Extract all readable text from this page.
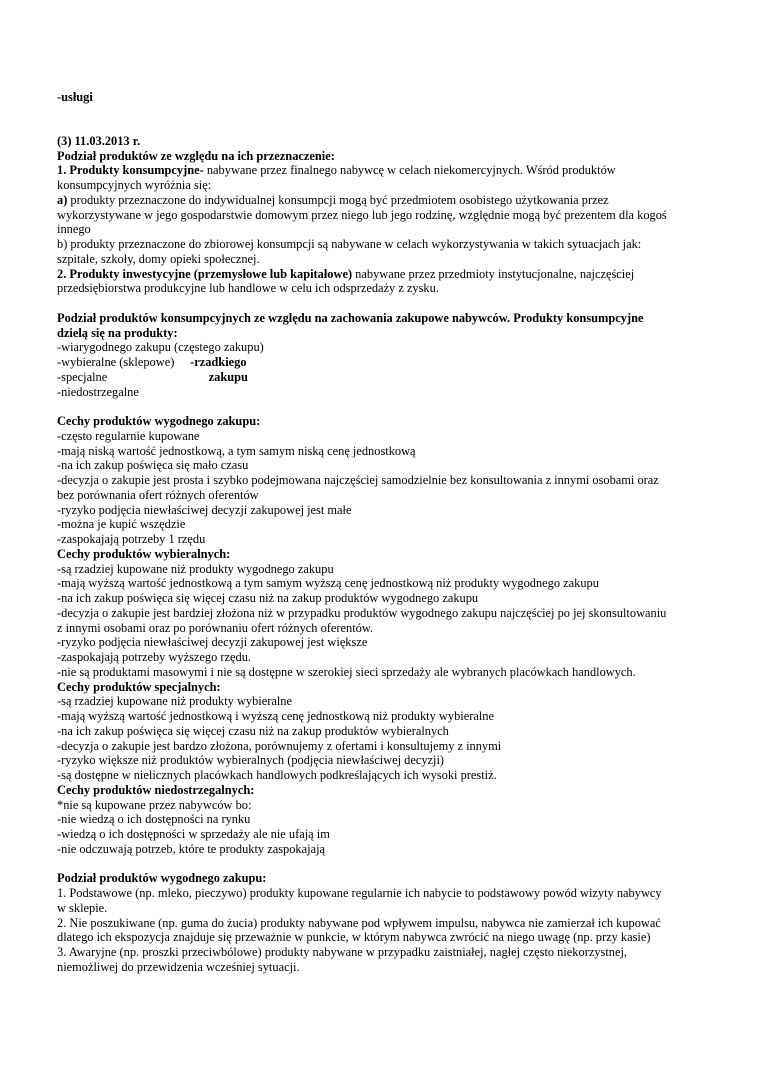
-usługi
(3) 11.03.2013 r.
Podział produktów ze względu na ich przeznaczenie:
1. Produkty konsumpcyjne- nabywane przez finalnego nabywcę w celach niekomercyjnych. Wśród produktów
konsumpcyjnych wyróżnia się:
a) produkty przeznaczone do indywidualnej konsumpcji mogą być przedmiotem osobistego użytkowania przez
wykorzystywane w jego gospodarstwie domowym przez niego lub jego rodzinę, względnie mogą być prezentem dla kogoś
innego
b) produkty przeznaczone do zbiorowej konsumpcji są nabywane w celach wykorzystywania w takich sytuacjach jak:
szpitale, szkoły, domy opieki społecznej.
2. Produkty inwestycyjne (przemysłowe lub kapitałowe) nabywane przez przedmioty instytucjonalne, najczęściej
przedsiębiorstwa produkcyjne lub handlowe w celu ich odsprzedaży z zysku.
Podział produktów konsumpcyjnych ze względu na zachowania zakupowe nabywców. Produkty konsumpcyjne
dzielą się na produkty:
-wiarygodnego zakupu (częstego zakupu)
-wybieralne (sklepowe)	-rzadkiego
-specjalne	zakupu
-niedostrzegalne
Cechy produktów wygodnego zakupu:
-często regularnie kupowane
-mają niską wartość jednostkową, a tym samym niską cenę jednostkową
-na ich zakup poświęca się mało czasu
-decyzja o zakupie jest prosta i szybko podejmowana najczęściej samodzielnie bez konsultowania z innymi osobami oraz
bez porównania ofert różnych oferentów
-ryzyko podjęcia niewłaściwej decyzji zakupowej jest małe
-można je kupić wszędzie
-zaspokajają potrzeby 1 rzędu
Cechy produktów wybieralnych:
-są rzadziej kupowane niż produkty wygodnego zakupu
-mają wyższą wartość jednostkową a tym samym wyższą cenę jednostkową niż produkty wygodnego zakupu
-na ich zakup poświęca się więcej czasu niż na zakup produktów wygodnego zakupu
-decyzja o zakupie jest bardziej złożona niż w przypadku produktów wygodnego zakupu najczęściej po jej skonsultowaniu
z innymi osobami oraz po porównaniu ofert różnych oferentów.
-ryzyko podjęcia niewłaściwej decyzji zakupowej jest większe
-zaspokajają potrzeby wyższego rzędu.
-nie są produktami masowymi i nie są dostępne w szerokiej sieci sprzedaży ale wybranych placówkach handlowych.
Cechy produktów specjalnych:
-są rzadziej kupowane niż produkty wybieralne
-mają wyższą wartość jednostkową i wyższą cenę jednostkową niż produkty wybieralne
-na ich zakup poświęca się więcej czasu niż na zakup produktów wybieralnych
-decyzja o zakupie jest bardzo złożona, porównujemy z ofertami i konsultujemy z innymi
-ryzyko większe niż produktów wybieralnych (podjęcia niewłaściwej decyzji)
-są dostępne w nielicznych placówkach handlowych podkreślających ich wysoki prestiż.
Cechy produktów niedostrzegalnych:
*nie są kupowane przez nabywców bo:
-nie wiedzą o ich dostępności na rynku
-wiedzą o ich dostępności w sprzedaży ale nie ufają im
-nie odczuwają potrzeb, które te produkty zaspokajają
Podział produktów wygodnego zakupu:
1. Podstawowe (np. mleko, pieczywo) produkty kupowane regularnie ich nabycie to podstawowy powód wizyty nabywcy
w sklepie.
2. Nie poszukiwane (np. guma do żucia) produkty nabywane pod wpływem impulsu, nabywca nie zamierzał ich kupować
dlatego ich ekspozycja znajduje się przeważnie w punkcie, w którym nabywca zwrócić na niego uwagę (np. przy kasie)
3. Awaryjne (np. proszki przeciwbólowe) produkty nabywane w przypadku zaistniałej, nagłej często niekorzystnej,
niemożliwej do przewidzenia wcześniej sytuacji.
